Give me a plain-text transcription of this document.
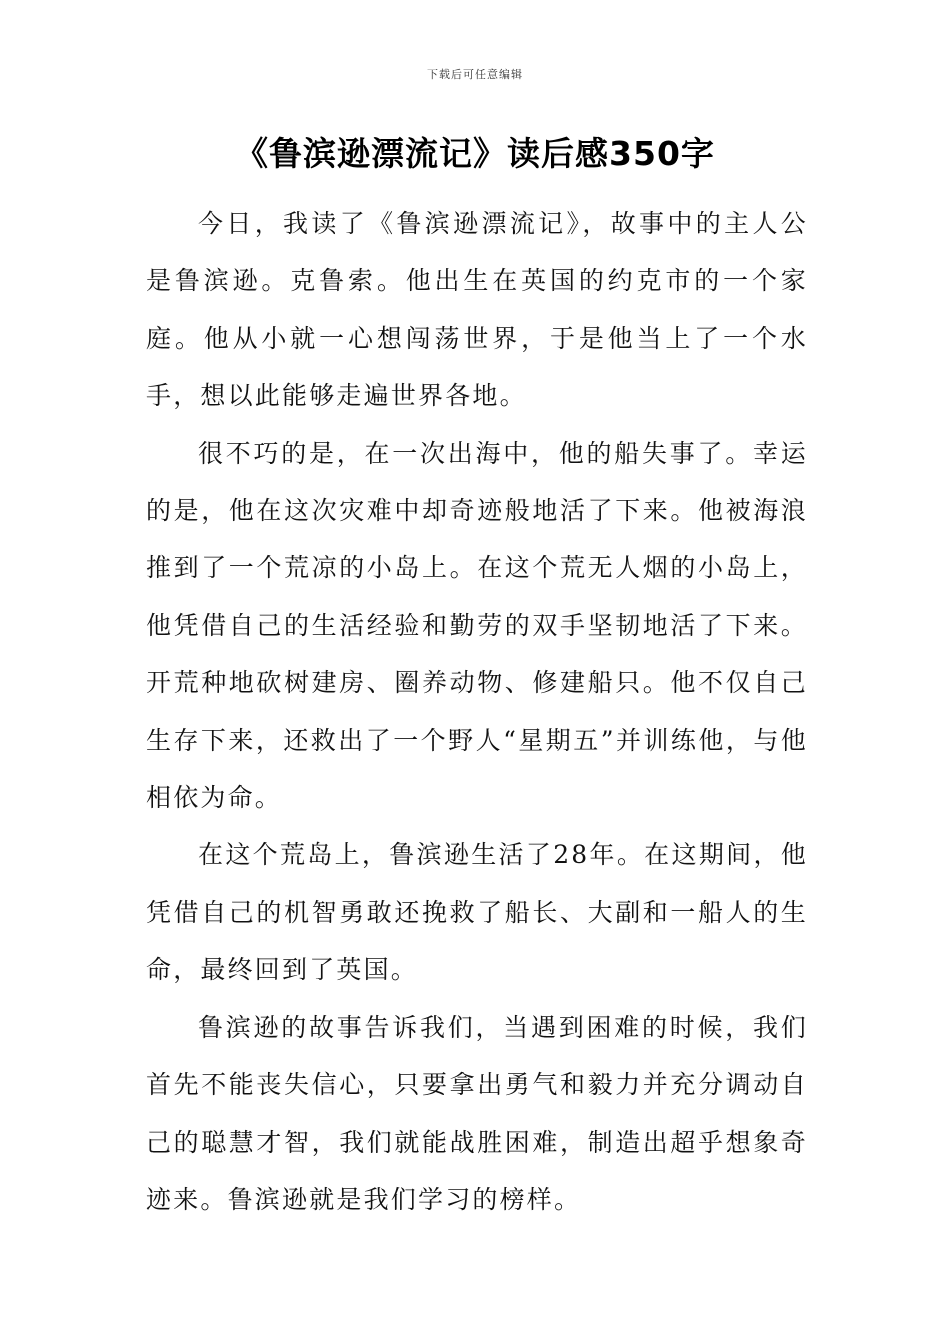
下载后可任意编辑
《鲁滨逊漂流记》读后感350字

今日，我读了《鲁滨逊漂流记》，故事中的主人公是鲁滨逊。克鲁索。他出生在英国的约克市的一个家庭。他从小就一心想闯荡世界，于是他当上了一个水手，想以此能够走遍世界各地。

很不巧的是，在一次出海中，他的船失事了。幸运的是，他在这次灾难中却奇迹般地活了下来。他被海浪推到了一个荒凉的小岛上。在这个荒无人烟的小岛上，他凭借自己的生活经验和勤劳的双手坚韧地活了下来。开荒种地砍树建房、圈养动物、修建船只。他不仅自己生存下来，还救出了一个野人“星期五”并训练他，与他相依为命。

在这个荒岛上，鲁滨逊生活了28年。在这期间，他凭借自己的机智勇敢还挽救了船长、大副和一船人的生命，最终回到了英国。

鲁滨逊的故事告诉我们，当遇到困难的时候，我们首先不能丧失信心，只要拿出勇气和毅力并充分调动自己的聪慧才智，我们就能战胜困难，制造出超乎想象奇迹来。鲁滨逊就是我们学习的榜样。
